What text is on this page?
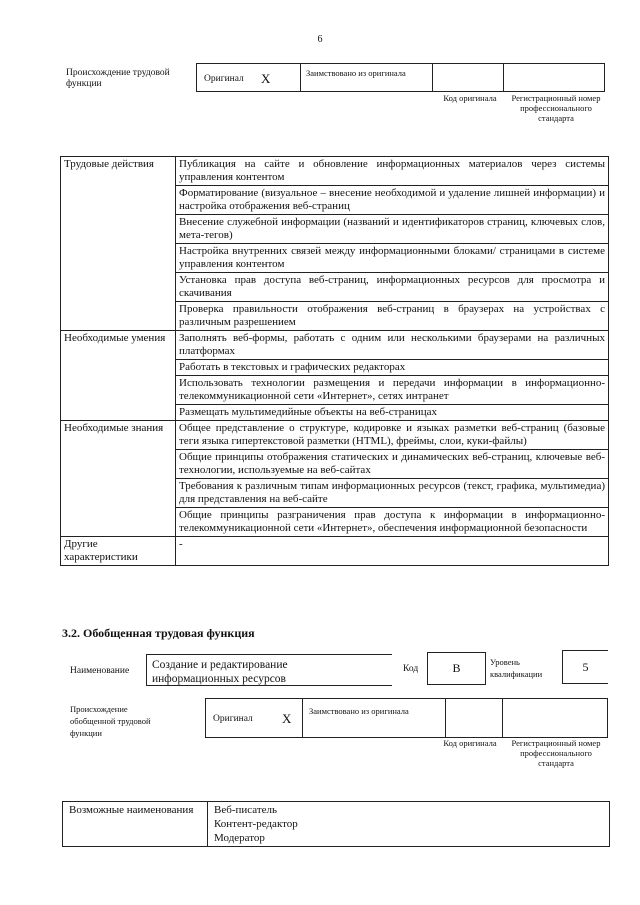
6
Происхождение трудовой функции	Оригинал X	Заимствовано из оригинала
Код оригинала	Регистрационный номер профессионального стандарта
Трудовые действия	Публикация на сайте и обновление информационных материалов через системы управления контентом
	Форматирование (визуальное – внесение необходимой и удаление лишней информации) и настройка отображения веб-страниц
	Внесение служебной информации (названий и идентификаторов страниц, ключевых слов, мета-тегов)
	Настройка внутренних связей между информационными блоками/ страницами в системе управления контентом
	Установка прав доступа веб-страниц, информационных ресурсов для просмотра и скачивания
	Проверка правильности отображения веб-страниц в браузерах на устройствах с различным разрешением
Необходимые умения	Заполнять веб-формы, работать с одним или несколькими браузерами на различных платформах
	Работать в текстовых и графических редакторах
	Использовать технологии размещения и передачи информации в информационно-телекоммуникационной сети «Интернет», сетях интранет
	Размещать мультимедийные объекты на веб-страницах
Необходимые знания	Общее представление о структуре, кодировке и языках разметки веб-страниц (базовые теги языка гипертекстовой разметки (HTML), фреймы, слои, куки-файлы)
	Общие принципы отображения статических и динамических веб-страниц, ключевые веб-технологии, используемые на веб-сайтах
	Требования к различным типам информационных ресурсов (текст, графика, мультимедиа) для представления на веб-сайте
	Общие принципы разграничения прав доступа к информации в информационно-телекоммуникационной сети «Интернет», обеспечения информационной безопасности
Другие характеристики	-
3.2. Обобщенная трудовая функция
Наименование Создание и редактирование информационных ресурсов
Код	B	Уровень квалификации	5
Происхождение обобщенной трудовой функции
Оригинал X Заимствовано из оригинала
Код оригинала	Регистрационный номер профессионального стандарта
Возможные наименования	Веб-писатель
Контент-редактор
Модератор
